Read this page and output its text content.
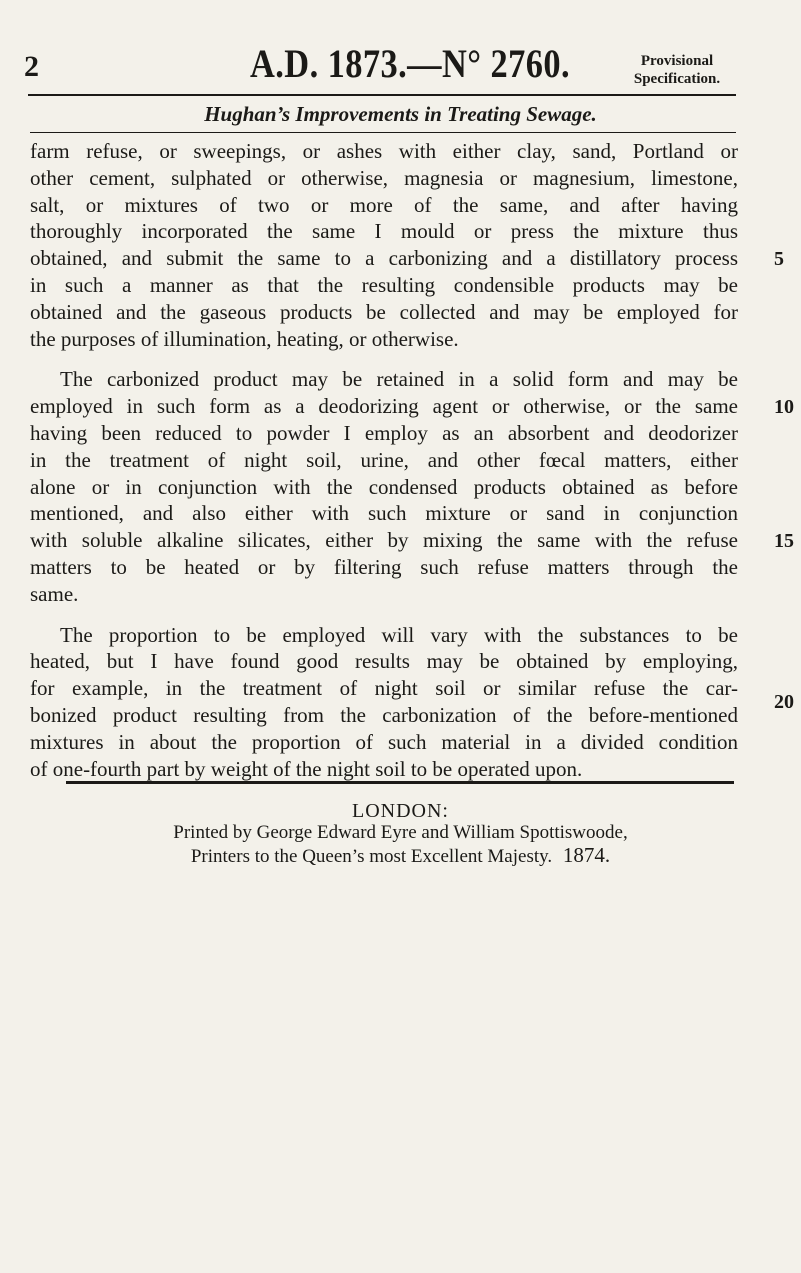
2	A.D. 1873.—N° 2760.	Provisional
Specification.
Hughan’s Improvements in Treating Sewage.
farm refuse, or sweepings, or ashes with either clay, sand, Portland or
other cement, sulphated or otherwise, magnesia or magnesium, limestone,
salt, or mixtures of two or more of the same, and after having
thoroughly incorporated the same I mould or press the mixture thus
obtained, and submit the same to a carbonizing and a distillatory process
in such a manner as that the resulting condensible products may be
obtained and the gaseous products be collected and may be employed for
the purposes of illumination, heating, or otherwise.
The carbonized product may be retained in a solid form and may be
employed in such form as a deodorizing agent or otherwise, or the same
having been reduced to powder I employ as an absorbent and deodorizer
in the treatment of night soil, urine, and other fœcal matters, either
alone or in conjunction with the condensed products obtained as before
mentioned, and also either with such mixture or sand in conjunction
with soluble alkaline silicates, either by mixing the same with the refuse
matters to be heated or by filtering such refuse matters through the
same.
The proportion to be employed will vary with the substances to be
heated, but I have found good results may be obtained by employing,
for example, in the treatment of night soil or similar refuse the car-
bonized product resulting from the carbonization of the before-mentioned
mixtures in about the proportion of such material in a divided condition
of one-fourth part by weight of the night soil to be operated upon.
5
10
15
20
LONDON:
Printed by George Edward Eyre and William Spottiswoode,
Printers to the Queen’s most Excellent Majesty. 1874.
